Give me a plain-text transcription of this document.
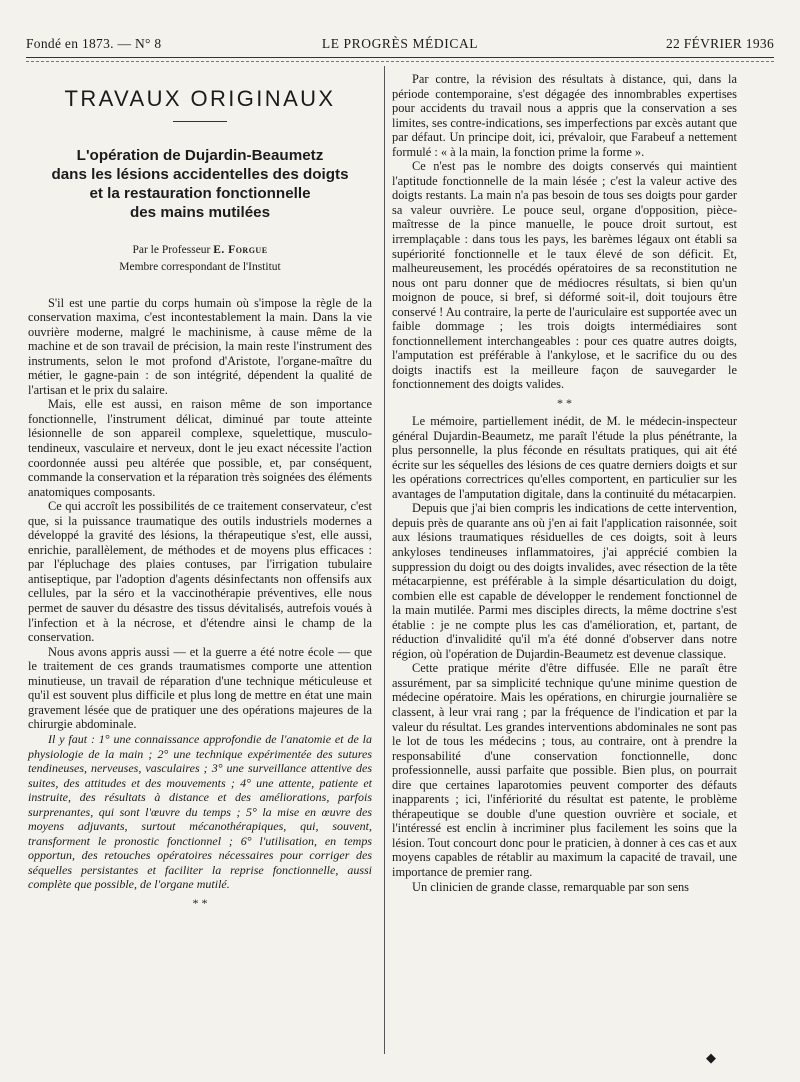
Fondé en 1873. — N° 8	LE PROGRÈS MÉDICAL	22 FÉVRIER 1936
TRAVAUX ORIGINAUX
L'opération de Dujardin-Beaumetz
dans les lésions accidentelles des doigts
et la restauration fonctionnelle
des mains mutilées
Par le Professeur E. Forgue
Membre correspondant de l'Institut

S'il est une partie du corps humain où s'impose la règle de la conservation maxima, c'est incontestablement la main. Dans la vie ouvrière moderne, malgré le machinisme, à cause même de la machine et de son travail de précision, la main reste l'instrument des instruments, selon le mot profond d'Aristote, l'organe-maître du métier, le gagne-pain : de son intégrité, dépendent la qualité de l'artisan et le prix du salaire.

Mais, elle est aussi, en raison même de son importance fonctionnelle, l'instrument délicat, diminué par toute atteinte lésionnelle de son appareil complexe, squelettique, musculo-tendineux, vasculaire et nerveux, dont le jeu exact nécessite l'action coordonnée aussi peu altérée que possible, et, par conséquent, commande la conservation et la réparation très soignées des éléments anatomiques composants.

Ce qui accroît les possibilités de ce traitement conservateur, c'est que, si la puissance traumatique des outils industriels modernes a développé la gravité des lésions, la thérapeutique s'est, elle aussi, enrichie, parallèlement, de méthodes et de moyens plus efficaces : par l'épluchage des plaies contuses, par l'irrigation tubulaire antiseptique, par l'adoption d'agents désinfectants non offensifs aux cellules, par la séro et la vaccinothérapie préventives, elle nous permet de sauver du désastre des tissus dévitalisés, autrefois voués à l'infection et à la nécrose, et d'étendre ainsi le champ de la conservation.

Nous avons appris aussi — et la guerre a été notre école — que le traitement de ces grands traumatismes comporte une attention minutieuse, un travail de réparation d'une technique méticuleuse et qu'il est souvent plus difficile et plus long de mettre en état une main gravement lésée que de pratiquer une des opérations majeures de la chirurgie abdominale.

Il y faut : 1° une connaissance approfondie de l'anatomie et de la physiologie de la main ; 2° une technique expérimentée des sutures tendineuses, nerveuses, vasculaires ; 3° une surveillance attentive des suites, des attitudes et des mouvements ; 4° une attente, patiente et instruite, des résultats à distance et des améliorations, parfois surprenantes, qui sont l'œuvre du temps ; 5° la mise en œuvre des moyens adjuvants, surtout mécanothérapiques, qui, souvent, transforment le pronostic fonctionnel ; 6° l'utilisation, en temps opportun, des retouches opératoires nécessaires pour corriger des séquelles persistantes et faciliter la reprise fonctionnelle, aussi complète que possible, de l'organe mutilé.

* *

Par contre, la révision des résultats à distance, qui, dans la période contemporaine, s'est dégagée des innombrables expertises pour accidents du travail nous a appris que la conservation a ses limites, ses contre-indications, ses imperfections par excès autant que par défaut. Un principe doit, ici, prévaloir, que Farabeuf a nettement formulé : « à la main, la fonction prime la forme ».

Ce n'est pas le nombre des doigts conservés qui maintient l'aptitude fonctionnelle de la main lésée ; c'est la valeur active des doigts restants. La main n'a pas besoin de tous ses doigts pour garder sa valeur ouvrière. Le pouce seul, organe d'opposition, pièce-maîtresse de la pince manuelle, le pouce droit surtout, est irremplaçable : dans tous les pays, les barèmes légaux ont établi sa supériorité fonctionnelle et le taux élevé de son déficit. Et, malheureusement, les procédés opératoires de sa reconstitution ne nous ont paru donner que de médiocres résultats, si bien qu'un moignon de pouce, si bref, si déformé soit-il, doit toujours être conservé ! Au contraire, la perte de l'auriculaire est supportée avec un faible dommage ; les trois doigts intermédiaires sont fonctionnellement interchangeables : pour ces quatre autres doigts, l'amputation est préférable à l'ankylose, et le sacrifice du ou des doigts inactifs est la meilleure façon de sauvegarder le fonctionnement des doigts valides.

* *

Le mémoire, partiellement inédit, de M. le médecin-inspecteur général Dujardin-Beaumetz, me paraît l'étude la plus pénétrante, la plus personnelle, la plus féconde en résultats pratiques, qui ait été écrite sur les séquelles des lésions de ces quatre derniers doigts et sur les opérations correctrices qu'elles comportent, en particulier sur les avantages de l'amputation digitale, dans la continuité du métacarpien.

Depuis que j'ai bien compris les indications de cette intervention, depuis près de quarante ans où j'en ai fait l'application raisonnée, soit aux lésions traumatiques résiduelles de ces doigts, soit à leurs ankyloses tendineuses inflammatoires, j'ai apprécié combien la suppression du doigt ou des doigts invalides, avec résection de la tête métacarpienne, est préférable à la simple désarticulation du doigt, combien elle est capable de développer le rendement fonctionnel de la main mutilée. Parmi mes disciples directs, la même doctrine s'est établie : je ne compte plus les cas d'amélioration, et, partant, de réduction d'invalidité qu'il m'a été donné d'observer dans notre région, où l'opération de Dujardin-Beaumetz est devenue classique.

Cette pratique mérite d'être diffusée. Elle ne paraît être assurément, par sa simplicité technique qu'une minime question de médecine opératoire. Mais les opérations, en chirurgie journalière se classent, à leur vrai rang ; par la fréquence de l'indication et par la valeur du résultat. Les grandes interventions abdominales ne sont pas le lot de tous les médecins ; tous, au contraire, ont à prendre la responsabilité d'une conservation fonctionnelle, donc professionnelle, aussi parfaite que possible. Bien plus, on pourrait dire que certaines laparotomies peuvent comporter des défauts inapparents ; ici, l'infériorité du résultat est patente, le problème thérapeutique se double d'une question ouvrière et sociale, et l'intéressé est enclin à incriminer plus facilement les soins que la lésion. Tout concourt donc pour le praticien, à donner à ces cas et aux moyens capables de rétablir au maximum la capacité de travail, une importance de premier rang.

Un clinicien de grande classe, remarquable par son sens

◆
